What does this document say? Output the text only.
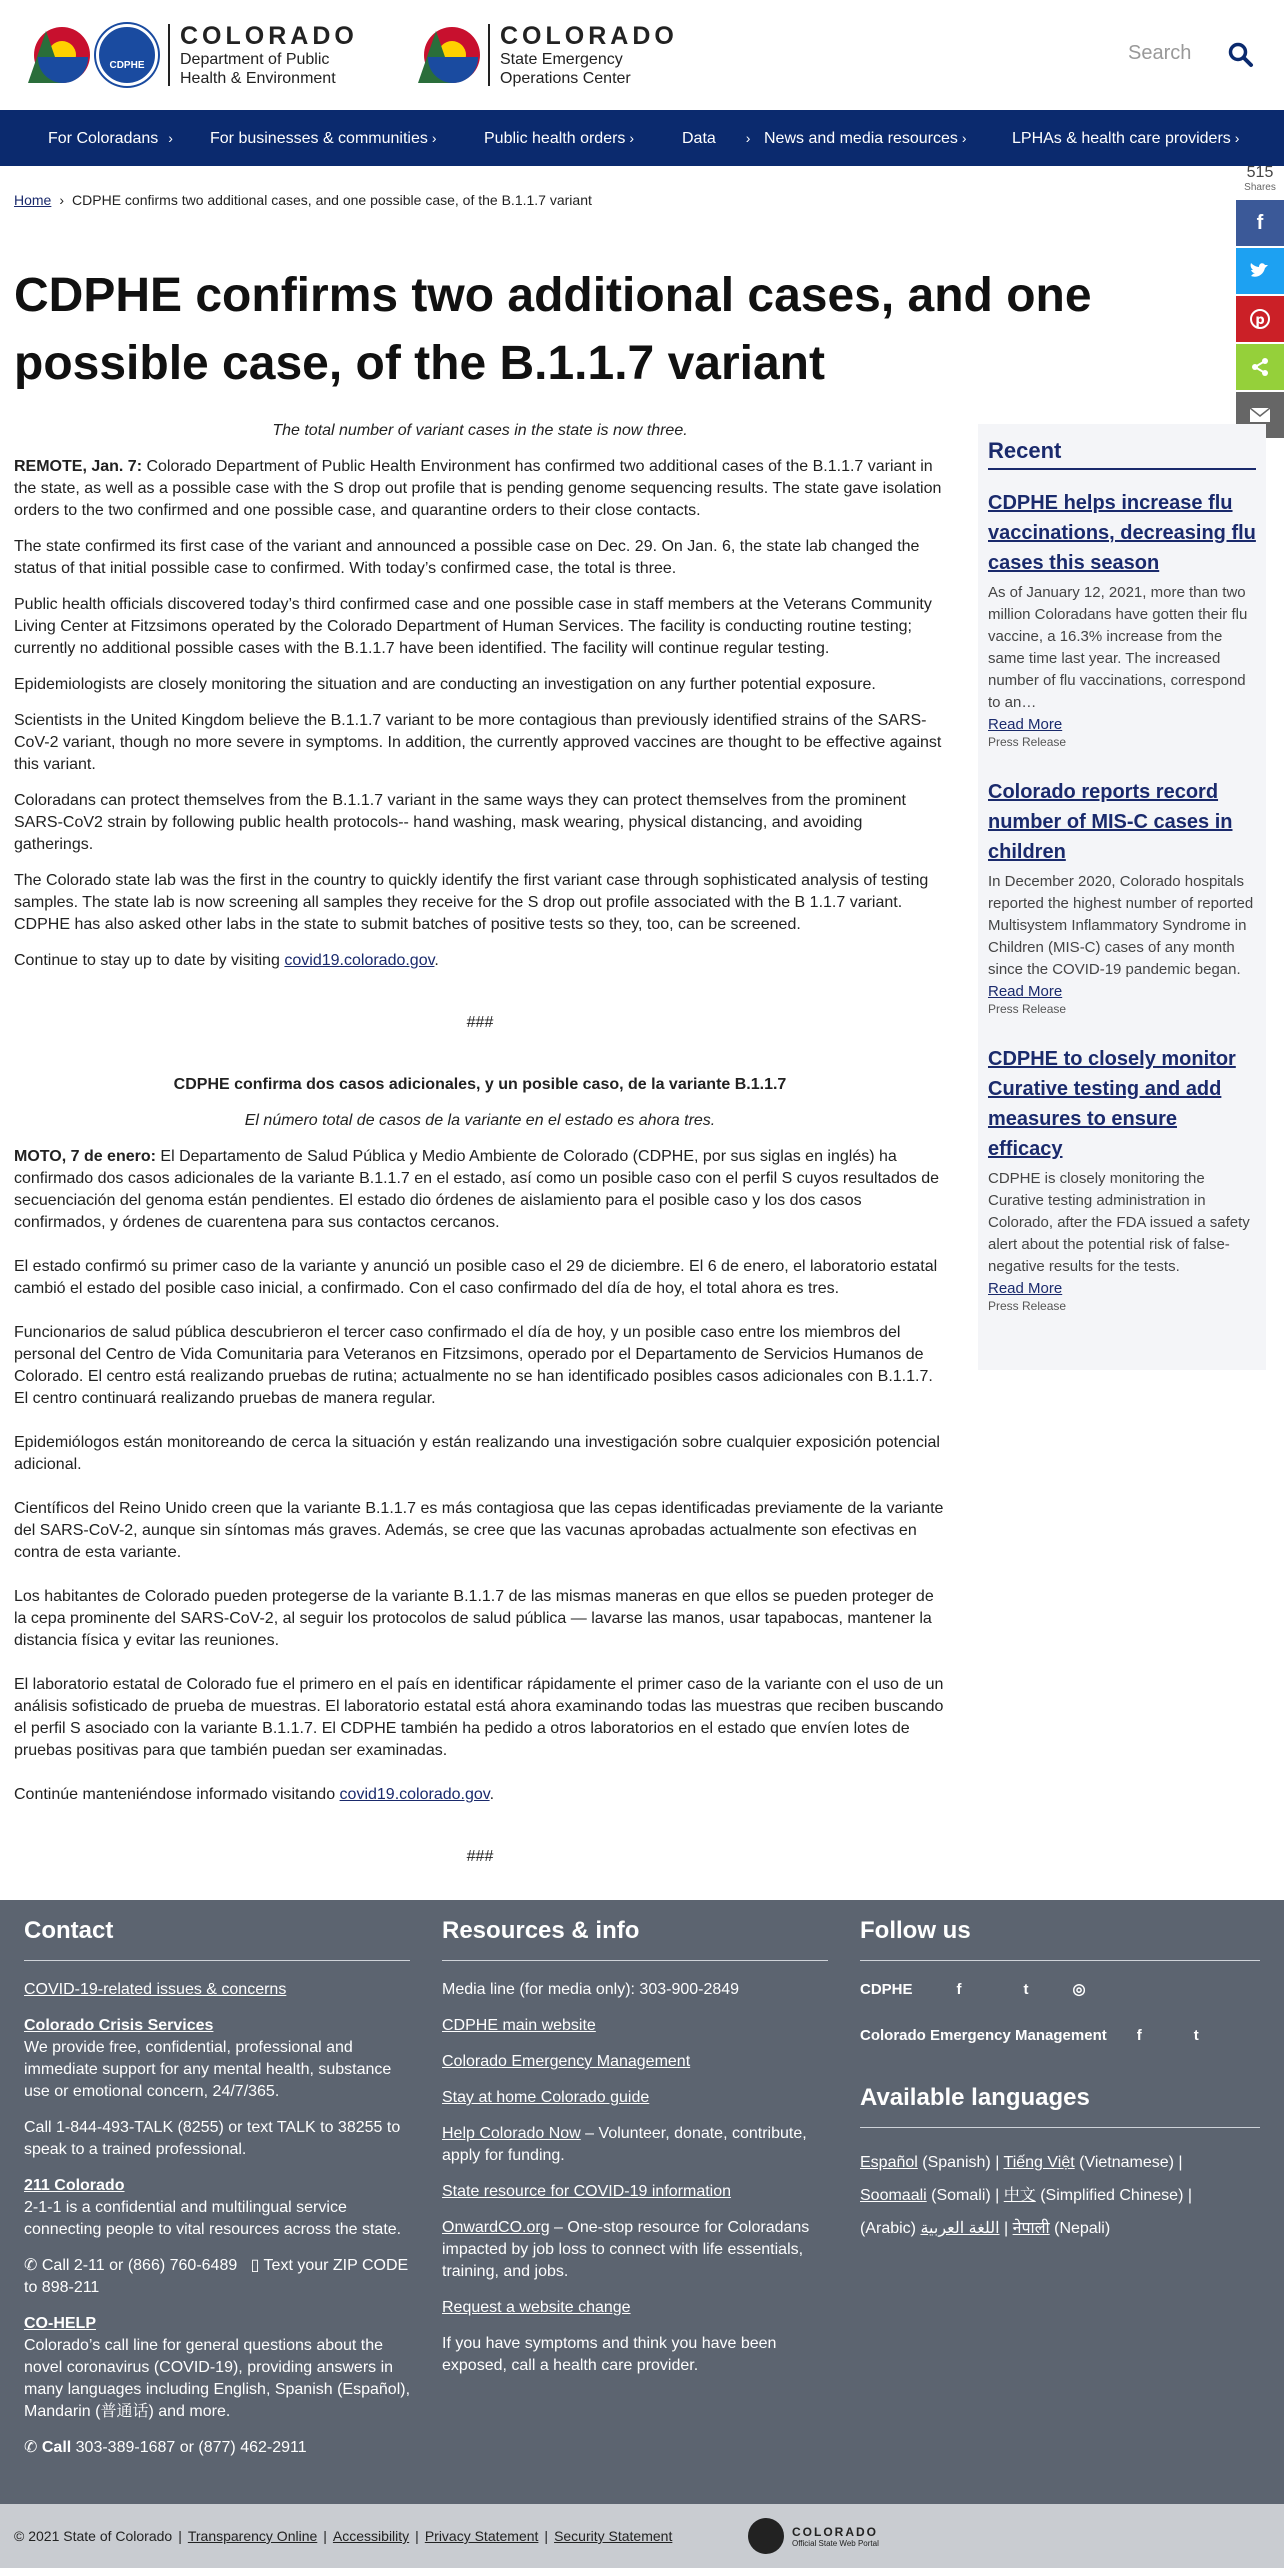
CDPHE
COLORADO
Department of Public
Health & Environment
COLORADO
State Emergency
Operations Center
Search
For Coloradans › For businesses & communities ›	Public health orders ›	Data › News and media resources ›	LPHAs & health care providers ›
515
Shares
f
p
Home › CDPHE confirms two additional cases, and one possible case, of the B.1.1.7 variant
CDPHE confirms two additional cases, and one possible case, of the B.1.1.7 variant

The total number of variant cases in the state is now three.

REMOTE, Jan. 7: Colorado Department of Public Health Environment has confirmed two additional cases of the B.1.1.7 variant in the state, as well as a possible case with the S drop out profile that is pending genome sequencing results. The state gave isolation orders to the two confirmed and one possible case, and quarantine orders to their close contacts.

The state confirmed its first case of the variant and announced a possible case on Dec. 29. On Jan. 6, the state lab changed the status of that initial possible case to confirmed. With today’s confirmed case, the total is three.

Public health officials discovered today’s third confirmed case and one possible case in staff members at the Veterans Community Living Center at Fitzsimons operated by the Colorado Department of Human Services. The facility is conducting routine testing; currently no additional possible cases with the B.1.1.7 have been identified. The facility will continue regular testing.

Epidemiologists are closely monitoring the situation and are conducting an investigation on any further potential exposure.

Scientists in the United Kingdom believe the B.1.1.7 variant to be more contagious than previously identified strains of the SARS-CoV-2 variant, though no more severe in symptoms. In addition, the currently approved vaccines are thought to be effective against this variant.

Coloradans can protect themselves from the B.1.1.7 variant in the same ways they can protect themselves from the prominent SARS-CoV2 strain by following public health protocols-- hand washing, mask wearing, physical distancing, and avoiding gatherings.

The Colorado state lab was the first in the country to quickly identify the first variant case through sophisticated analysis of testing samples. The state lab is now screening all samples they receive for the S drop out profile associated with the B 1.1.7 variant. CDPHE has also asked other labs in the state to submit batches of positive tests so they, too, can be screened.

Continue to stay up to date by visiting covid19.colorado.gov.

###

CDPHE confirma dos casos adicionales, y un posible caso, de la variante B.1.1.7

El número total de casos de la variante en el estado es ahora tres.

MOTO, 7 de enero: El Departamento de Salud Pública y Medio Ambiente de Colorado (CDPHE, por sus siglas en inglés) ha confirmado dos casos adicionales de la variante B.1.1.7 en el estado, así como un posible caso con el perfil S cuyos resultados de secuenciación del genoma están pendientes. El estado dio órdenes de aislamiento para el posible caso y los dos casos confirmados, y órdenes de cuarentena para sus contactos cercanos.

El estado confirmó su primer caso de la variante y anunció un posible caso el 29 de diciembre. El 6 de enero, el laboratorio estatal cambió el estado del posible caso inicial, a confirmado. Con el caso confirmado del día de hoy, el total ahora es tres.

Funcionarios de salud pública descubrieron el tercer caso confirmado el día de hoy, y un posible caso entre los miembros del personal del Centro de Vida Comunitaria para Veteranos en Fitzsimons, operado por el Departamento de Servicios Humanos de Colorado. El centro está realizando pruebas de rutina; actualmente no se han identificado posibles casos adicionales con B.1.1.7. El centro continuará realizando pruebas de manera regular.

Epidemiólogos están monitoreando de cerca la situación y están realizando una investigación sobre cualquier exposición potencial adicional.

Científicos del Reino Unido creen que la variante B.1.1.7 es más contagiosa que las cepas identificadas previamente de la variante del SARS-CoV-2, aunque sin síntomas más graves. Además, se cree que las vacunas aprobadas actualmente son efectivas en contra de esta variante.

Los habitantes de Colorado pueden protegerse de la variante B.1.1.7 de las mismas maneras en que ellos se pueden proteger de la cepa prominente del SARS-CoV-2, al seguir los protocolos de salud pública — lavarse las manos, usar tapabocas, mantener la distancia física y evitar las reuniones.

El laboratorio estatal de Colorado fue el primero en el país en identificar rápidamente el primer caso de la variante con el uso de un análisis sofisticado de prueba de muestras. El laboratorio estatal está ahora examinando todas las muestras que reciben buscando el perfil S asociado con la variante B.1.1.7. El CDPHE también ha pedido a otros laboratorios en el estado que envíen lotes de pruebas positivas para que también puedan ser examinadas.

Continúe manteniéndose informado visitando covid19.colorado.gov.

###

Recent
CDPHE helps increase flu vaccinations, decreasing flu cases this season
As of January 12, 2021, more than two million Coloradans have gotten their flu vaccine, a 16.3% increase from the same time last year. The increased number of flu vaccinations, correspond to an…
Read More
Press Release
Colorado reports record number of MIS-C cases in children
In December 2020, Colorado hospitals reported the highest number of reported Multisystem Inflammatory Syndrome in Children (MIS-C) cases of any month since the COVID-19 pandemic began.
Read More
Press Release
CDPHE to closely monitor Curative testing and add measures to ensure efficacy
CDPHE is closely monitoring the Curative testing administration in Colorado, after the FDA issued a safety alert about the potential risk of false-negative results for the tests.
Read More
Press Release
Contact
COVID-19-related issues & concerns
Colorado Crisis Services
We provide free, confidential, professional and immediate support for any mental health, substance use or emotional concern, 24/7/365.
Call 1-844-493-TALK (8255) or text TALK to 38255 to speak to a trained professional.
211 Colorado
2-1-1 is a confidential and multilingual service connecting people to vital resources across the state.
✆ Call 2-11 or (866) 760-6489 ▯ Text your ZIP CODE to 898-211
CO-HELP
Colorado’s call line for general questions about the novel coronavirus (COVID-19), providing answers in many languages including English, Spanish (Español), Mandarin (普通话) and more.
✆ Call 303-389-1687 or (877) 462-2911
Resources & info
Media line (for media only): 303-900-2849
CDPHE main website
Colorado Emergency Management
Stay at home Colorado guide
Help Colorado Now – Volunteer, donate, contribute, apply for funding.
State resource for COVID-19 information
OnwardCO.org – One-stop resource for Coloradans impacted by job loss to connect with life essentials, training, and jobs.
Request a website change
If you have symptoms and think you have been exposed, call a health care provider.
Follow us
CDPHE	f	t	◎
Colorado Emergency Management f	t
Available languages
Español (Spanish) | Tiếng Việt (Vietnamese) |
Soomaali (Somali) | 中文 (Simplified Chinese) |
(Arabic) اللغة العربية | नेपाली (Nepali)
© 2021 State of Colorado | Transparency Online | Accessibility | Privacy Statement | Security Statement	COLORADO
Official State Web Portal
